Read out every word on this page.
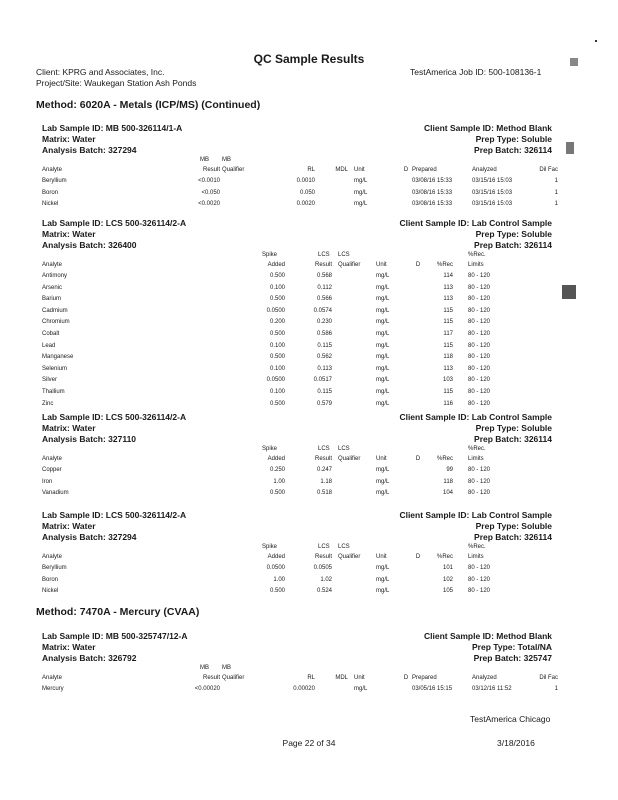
QC Sample Results
Client: KPRG and Associates, Inc.
Project/Site: Waukegan Station Ash Ponds
TestAmerica Job ID: 500-108136-1
Method: 6020A - Metals (ICP/MS) (Continued)
Lab Sample ID: MB 500-326114/1-A	Client Sample ID: Method Blank
Matrix: Water	Prep Type: Soluble
Analysis Batch: 327294	Prep Batch: 326114
MB MB
Analyte	Result Qualifier	RL	MDL Unit	D Prepared	Analyzed	Dil Fac
Beryllium	<0.0010	0.0010	mg/L	03/08/16 15:33	03/15/16 15:03	1
Boron	<0.050	0.050	mg/L	03/08/16 15:33	03/15/16 15:03	1
Nickel	<0.0020	0.0020	mg/L	03/08/16 15:33	03/15/16 15:03	1
Lab Sample ID: LCS 500-326114/2-A	Client Sample ID: Lab Control Sample
Matrix: Water	Prep Type: Soluble
Analysis Batch: 326400	Prep Batch: 326114
Spike	LCS LCS	%Rec.
Analyte	Added	Result Qualifier	Unit	D	%Rec	Limits
Antimony	0.500	0.568	mg/L	114	80 - 120
Arsenic	0.100	0.112	mg/L	113	80 - 120
Barium	0.500	0.566	mg/L	113	80 - 120
Cadmium	0.0500	0.0574	mg/L	115	80 - 120
Chromium	0.200	0.230	mg/L	115	80 - 120
Cobalt	0.500	0.586	mg/L	117	80 - 120
Lead	0.100	0.115	mg/L	115	80 - 120
Manganese	0.500	0.562	mg/L	118	80 - 120
Selenium	0.100	0.113	mg/L	113	80 - 120
Silver	0.0500	0.0517	mg/L	103	80 - 120
Thallium	0.100	0.115	mg/L	115	80 - 120
Zinc	0.500	0.579	mg/L	116	80 - 120
Lab Sample ID: LCS 500-326114/2-A	Client Sample ID: Lab Control Sample
Matrix: Water	Prep Type: Soluble
Analysis Batch: 327110	Prep Batch: 326114
Spike	LCS LCS	%Rec.
Analyte	Added	Result Qualifier	Unit	D	%Rec	Limits
Copper	0.250	0.247	mg/L	99	80 - 120
Iron	1.00	1.18	mg/L	118	80 - 120
Vanadium	0.500	0.518	mg/L	104	80 - 120
Lab Sample ID: LCS 500-326114/2-A	Client Sample ID: Lab Control Sample
Matrix: Water	Prep Type: Soluble
Analysis Batch: 327294	Prep Batch: 326114
Spike	LCS LCS	%Rec.
Analyte	Added	Result Qualifier	Unit	D	%Rec	Limits
Beryllium	0.0500	0.0505	mg/L	101	80 - 120
Boron	1.00	1.02	mg/L	102	80 - 120
Nickel	0.500	0.524	mg/L	105	80 - 120
Method: 7470A - Mercury (CVAA)
Lab Sample ID: MB 500-325747/12-A	Client Sample ID: Method Blank
Matrix: Water	Prep Type: Total/NA
Analysis Batch: 326792	Prep Batch: 325747
MB MB
Analyte	Result Qualifier	RL	MDL Unit	D Prepared	Analyzed	Dil Fac
Mercury	<0.00020	0.00020	mg/L	03/05/16 15:15	03/12/16 11:52	1
TestAmerica Chicago
Page 22 of 34	3/18/2016
